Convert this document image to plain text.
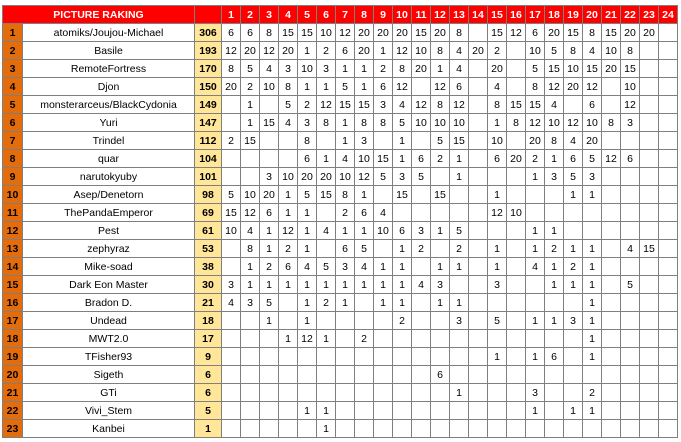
PICTURE RAKING			1	2	3	4	5	6	7	8	9	10	11	12	13	14	15	16	17	18	19	20	21	22	23	24
1	atomiks/Joujou-Michael	306	6	6	8	15	15	10	12	20	20	20	15	20	8		15	12	6	20	15	8	15	20	20	
2	Basile	193	12	20	12	20	1	2	6	20	1	12	10	8	4	20	2		10	5	8	4	10	8		
3	RemoteFortress	170	8	5	4	3	10	3	1	1	2	8	20	1	4		20		5	15	10	15	20	15		
4	Djon	150	20	2	10	8	1	1	5	1	6	12		12	6		4		8	12	20	12		10		
5	monsterarceus/BlackCydonia	149		1		5	2	12	15	15	3	4	12	8	12		8	15	15	4		6		12		
6	Yuri	147		1	15	4	3	8	1	8	8	5	10	10	10		1	8	12	10	12	10	8	3		
7	Trindel	112	2	15			8		1	3		1		5	15		10		20	8	4	20				
8	quar	104					6	1	4	10	15	1	6	2	1		6	20	2	1	6	5	12	6		
9	narutokyuby	101			3	10	20	20	10	12	5	3	5		1				1	3	5	3				
10	Asep/Denetorn	98	5	10	20	1	5	15	8	1		15		15			1				1	1				
11	ThePandaEmperor	69	15	12	6	1	1		2	6	4						12	10								
12	Pest	61	10	4	1	12	1	4	1	1	10	6	3	1	5				1	1						
13	zephyraz	53		8	1	2	1		6	5		1	2		2		1		1	2	1	1		4	15	
14	Mike-soad	38		1	2	6	4	5	3	4	1	1		1	1		1		4	1	2	1				
15	Dark Eon Master	30	3	1	1	1	1	1	1	1	1	1	4	3			3			1	1	1		5		
16	Bradon D.	21	4	3	5		1	2	1		1	1		1	1							1				
17	Undead	18			1		1					2			3		5		1	1	3	1				
18	MWT2.0	17				1	12	1		2												1				
19	TFisher93	9															1		1	6		1				
20	Sigeth	6												6												
21	GTi	6													1				3			2				
22	Vivi_Stem	5					1	1											1		1	1				
23	Kanbei	1						1																		
